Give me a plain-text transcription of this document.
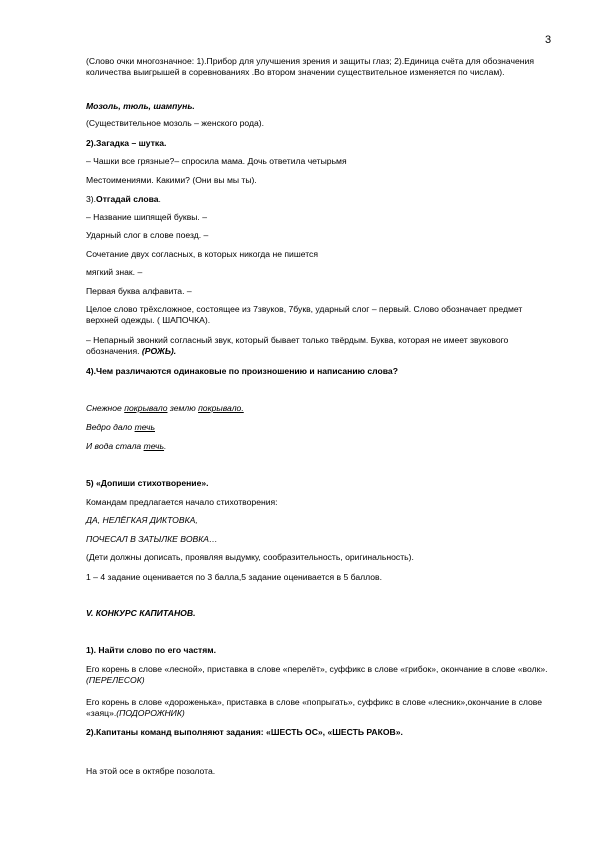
3

(Слово очки многозначное: 1).Прибор для улучшения зрения и защиты глаз; 2).Единица счёта для обозначения количества выигрышей в соревнованиях .Во втором значении существительное изменяется по числам).

Мозоль, тюль, шампунь.

(Существительное мозоль – женского рода).

2).Загадка – шутка.

– Чашки все грязные?– спросила мама. Дочь ответила четырьмя

Местоимениями. Какими? (Они вы мы ты).

3).Отгадай слова.

– Название шипящей буквы. –

Ударный слог в слове поезд. –

Сочетание двух согласных, в которых никогда не пишется

мягкий знак. –

Первая буква алфавита. –

Целое слово трёхсложное, состоящее из 7звуков, 7букв, ударный слог – первый. Слово обозначает предмет верхней одежды. ( ШАПОЧКА).

– Непарный звонкий согласный звук, который бывает только твёрдым. Буква, которая не имеет звукового обозначения. (РОЖЬ).

4).Чем различаются одинаковые по произношению и написанию слова?

Снежное покрывало землю покрывало.

Ведро дало течь

И вода стала течь.

5) «Допиши стихотворение».

Командам предлагается начало стихотворения:

ДА, НЕЛЁГКАЯ ДИКТОВКА,

ПОЧЕСАЛ В ЗАТЫЛКЕ ВОВКА…

(Дети должны дописать, проявляя выдумку, сообразительность, оригинальность).

1 – 4 задание оценивается по 3 балла,5 задание оценивается в 5 баллов.

V. КОНКУРС КАПИТАНОВ.

1). Найти слово по его частям.

Его корень в слове «лесной», приставка в слове «перелёт», суффикс в слове «грибок», окончание в слове «волк».(ПЕРЕЛЕСОК)

Его корень в слове «дороженька», приставка в слове «попрыгать», суффикс в слове «лесник»,окончание в слове «заяц».(ПОДОРОЖНИК)

2).Капитаны команд выполняют задания: «ШЕСТЬ ОС», «ШЕСТЬ РАКОВ».

На этой осе в октябре позолота.
